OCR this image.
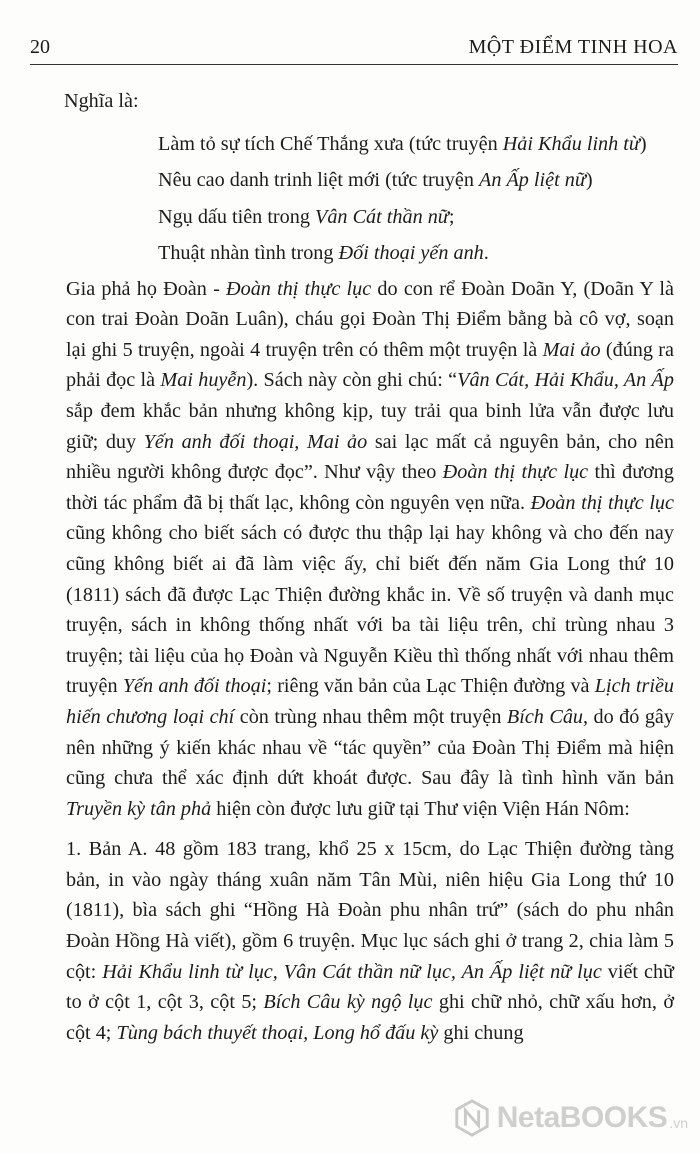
20	MỘT ĐIỂM TINH HOA

Nghĩa là:

Làm tỏ sự tích Chế Thắng xưa (tức truyện Hải Khẩu linh từ)

Nêu cao danh trinh liệt mới (tức truyện An Ấp liệt nữ)

Ngụ dấu tiên trong Vân Cát thần nữ;

Thuật nhàn tình trong Đối thoại yến anh.

Gia phả họ Đoàn - Đoàn thị thực lục do con rể Đoàn Doãn Y, (Doãn Y là con trai Đoàn Doãn Luân), cháu gọi Đoàn Thị Điểm bằng bà cô vợ, soạn lại ghi 5 truyện, ngoài 4 truyện trên có thêm một truyện là Mai ảo (đúng ra phải đọc là Mai huyễn). Sách này còn ghi chú: “Vân Cát, Hải Khẩu, An Ấp sắp đem khắc bản nhưng không kịp, tuy trải qua binh lửa vẫn được lưu giữ; duy Yến anh đối thoại, Mai ảo sai lạc mất cả nguyên bản, cho nên nhiều người không được đọc”. Như vậy theo Đoàn thị thực lục thì đương thời tác phẩm đã bị thất lạc, không còn nguyên vẹn nữa. Đoàn thị thực lục cũng không cho biết sách có được thu thập lại hay không và cho đến nay cũng không biết ai đã làm việc ấy, chỉ biết đến năm Gia Long thứ 10 (1811) sách đã được Lạc Thiện đường khắc in. Về số truyện và danh mục truyện, sách in không thống nhất với ba tài liệu trên, chỉ trùng nhau 3 truyện; tài liệu của họ Đoàn và Nguyễn Kiều thì thống nhất với nhau thêm truyện Yến anh đối thoại; riêng văn bản của Lạc Thiện đường và Lịch triều hiến chương loại chí còn trùng nhau thêm một truyện Bích Câu, do đó gây nên những ý kiến khác nhau về “tác quyền” của Đoàn Thị Điểm mà hiện cũng chưa thể xác định dứt khoát được. Sau đây là tình hình văn bản Truyền kỳ tân phả hiện còn được lưu giữ tại Thư viện Viện Hán Nôm:

1. Bản A. 48 gồm 183 trang, khổ 25 x 15cm, do Lạc Thiện đường tàng bản, in vào ngày tháng xuân năm Tân Mùi, niên hiệu Gia Long thứ 10 (1811), bìa sách ghi “Hồng Hà Đoàn phu nhân trứ” (sách do phu nhân Đoàn Hồng Hà viết), gồm 6 truyện. Mục lục sách ghi ở trang 2, chia làm 5 cột: Hải Khẩu linh từ lục, Vân Cát thần nữ lục, An Ấp liệt nữ lục viết chữ to ở cột 1, cột 3, cột 5; Bích Câu kỳ ngộ lục ghi chữ nhỏ, chữ xấu hơn, ở cột 4; Tùng bách thuyết thoại, Long hổ đấu kỳ ghi chung

NetaBOOKS .vn
